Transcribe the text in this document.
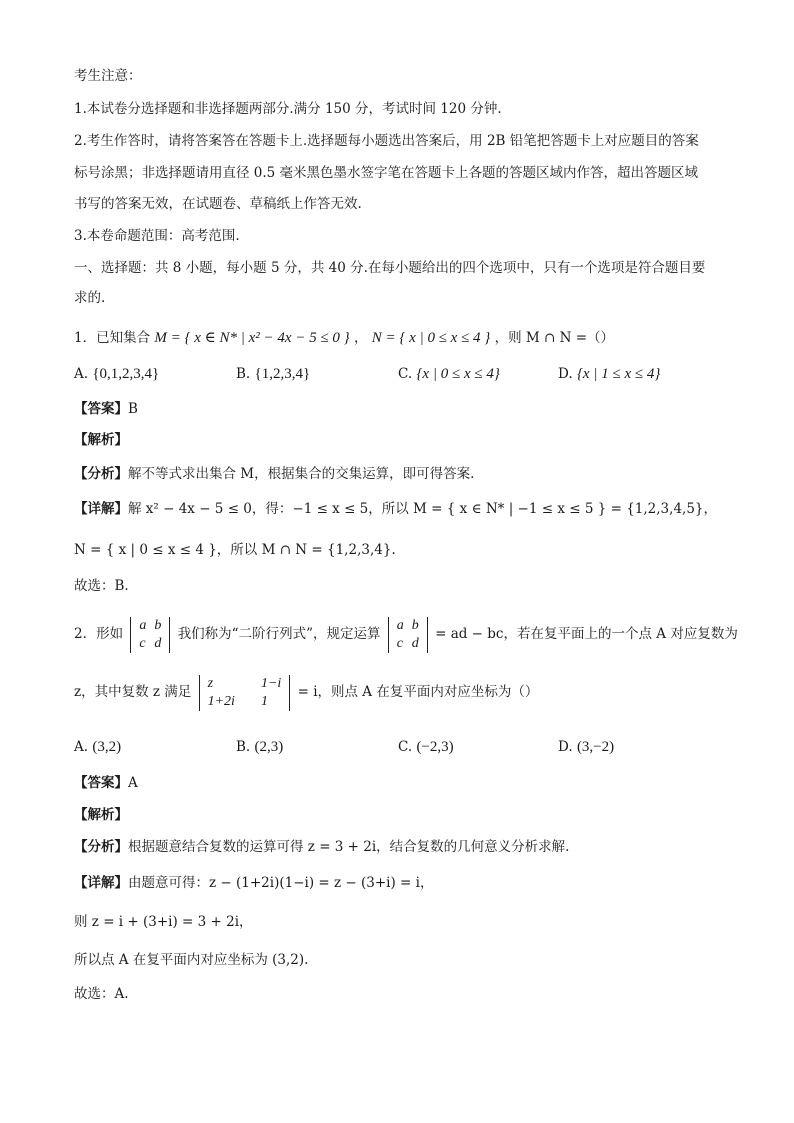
考生注意：
1.本试卷分选择题和非选择题两部分.满分 150 分，考试时间 120 分钟.
2.考生作答时，请将答案答在答题卡上.选择题每小题选出答案后，用 2B 铅笔把答题卡上对应题目的答案
标号涂黑；非选择题请用直径 0.5 毫米黑色墨水签字笔在答题卡上各题的答题区域内作答，超出答题区域
书写的答案无效，在试题卷、草稿纸上作答无效.
3.本卷命题范围：高考范围.
一、选择题：共 8 小题，每小题 5 分，共 40 分.在每小题给出的四个选项中，只有一个选项是符合题目要
求的.
1．已知集合 M = { x ∈ N* | x² − 4x − 5 ≤ 0 } ， N = { x | 0 ≤ x ≤ 4 } ，则 M ∩ N =（）
A. {0,1,2,3,4}	B. {1,2,3,4}	C. {x | 0 ≤ x ≤ 4}	D. {x | 1 ≤ x ≤ 4}
【答案】B
【解析】
【分析】解不等式求出集合 M，根据集合的交集运算，即可得答案.
【详解】解 x² − 4x − 5 ≤ 0，得：−1 ≤ x ≤ 5，所以 M = { x ∈ N* | −1 ≤ x ≤ 5 } = {1,2,3,4,5}，
N = { x | 0 ≤ x ≤ 4 }，所以 M ∩ N = {1,2,3,4}.
故选：B.
2．形如
a	b
c	d
我们称为“二阶行列式”，规定运算
a	b
c	d
= ad − bc，若在复平面上的一个点 A 对应复数为
z，其中复数 z 满足
z	1−i
1+2i	1
= i，则点 A 在复平面内对应坐标为（）
A. (3,2)	B. (2,3)	C. (−2,3)	D. (3,−2)
【答案】A
【解析】
【分析】根据题意结合复数的运算可得 z = 3 + 2i，结合复数的几何意义分析求解.
【详解】由题意可得：z − (1+2i)(1−i) = z − (3+i) = i，
则 z = i + (3+i) = 3 + 2i，
所以点 A 在复平面内对应坐标为 (3,2).
故选：A.
